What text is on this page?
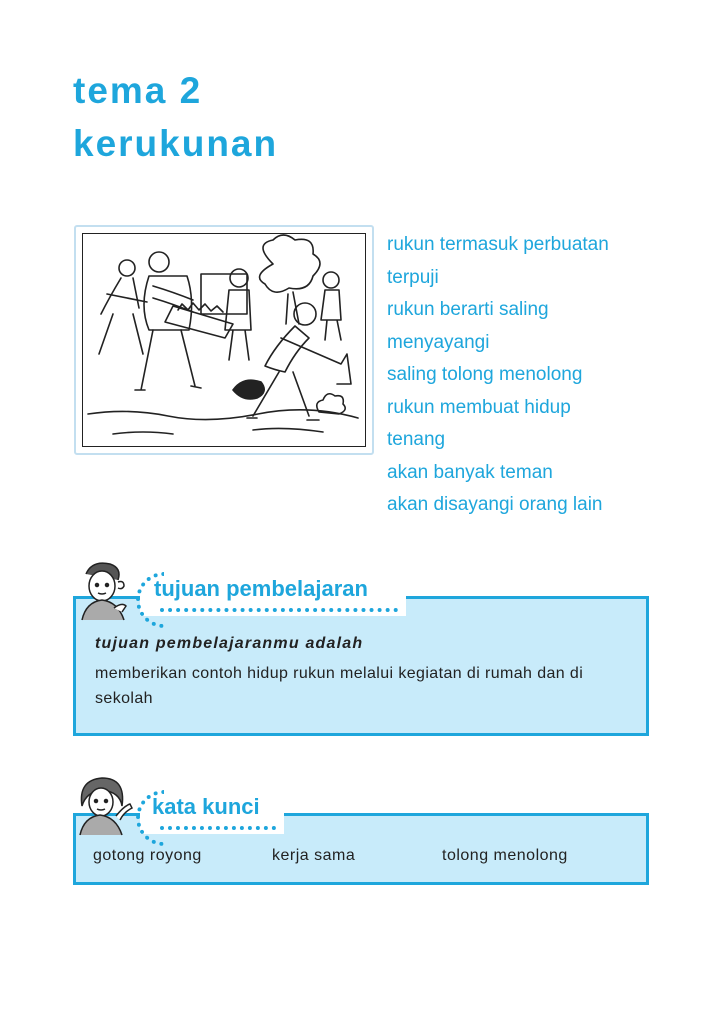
tema 2
kerukunan
rukun termasuk perbuatan
terpuji
rukun berarti saling
menyayangi
saling tolong menolong
rukun membuat hidup
tenang
akan banyak teman
akan disayangi orang lain

tujuan pembelajaranmu adalah

memberikan contoh hidup rukun melalui kegiatan di rumah dan di sekolah

tujuan pembelajaran
gotong royong	kerja sama	tolong menolong
kata kunci
